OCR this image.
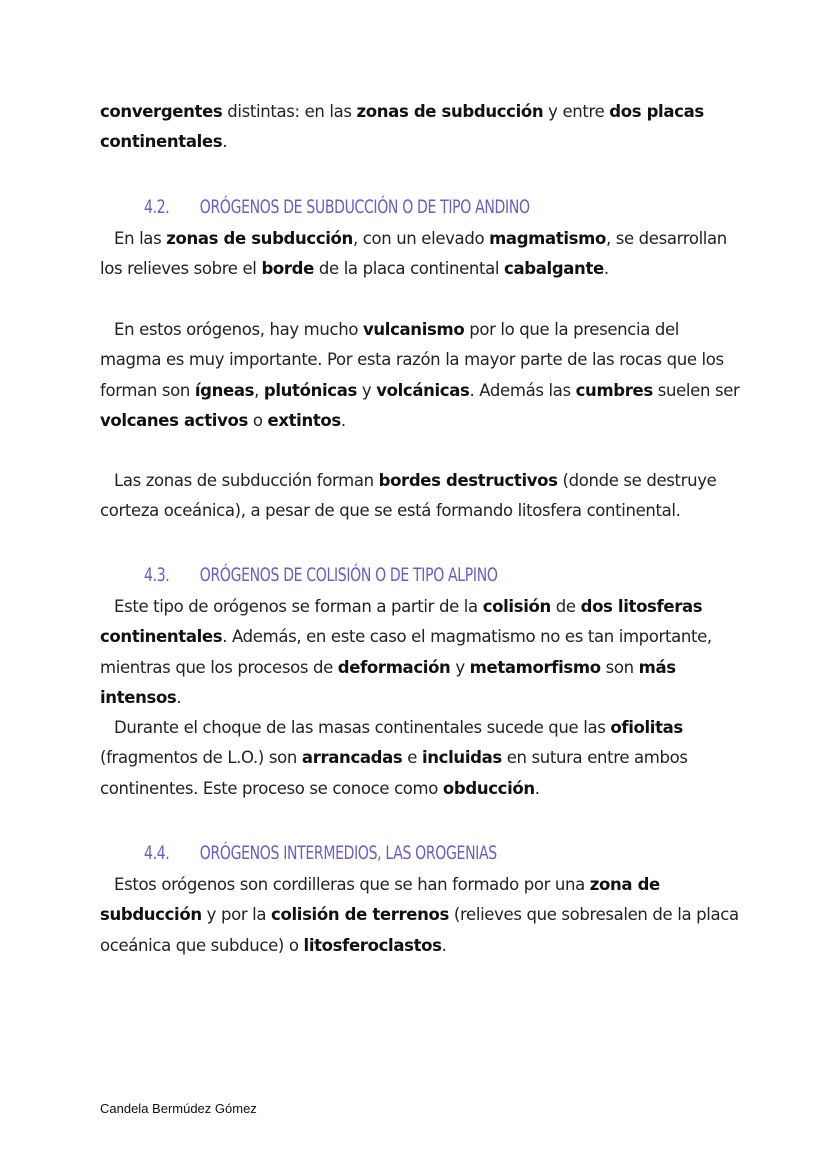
convergentes distintas: en las zonas de subducción y entre dos placas continentales.

4.2. ORÓGENOS DE SUBDUCCIÓN O DE TIPO ANDINO

En las zonas de subducción, con un elevado magmatismo, se desarrollan los relieves sobre el borde de la placa continental cabalgante.

En estos orógenos, hay mucho vulcanismo por lo que la presencia del magma es muy importante. Por esta razón la mayor parte de las rocas que los forman son ígneas, plutónicas y volcánicas. Además las cumbres suelen ser volcanes activos o extintos.

Las zonas de subducción forman bordes destructivos (donde se destruye corteza oceánica), a pesar de que se está formando litosfera continental.

4.3. ORÓGENOS DE COLISIÓN O DE TIPO ALPINO

Este tipo de orógenos se forman a partir de la colisión de dos litosferas continentales. Además, en este caso el magmatismo no es tan importante, mientras que los procesos de deformación y metamorfismo son más intensos.

Durante el choque de las masas continentales sucede que las ofiolitas (fragmentos de L.O.) son arrancadas e incluidas en sutura entre ambos continentes. Este proceso se conoce como obducción.

4.4. ORÓGENOS INTERMEDIOS, LAS OROGENIAS

Estos orógenos son cordilleras que se han formado por una zona de subducción y por la colisión de terrenos (relieves que sobresalen de la placa oceánica que subduce) o litosferoclastos.

Candela Bermúdez Gómez
